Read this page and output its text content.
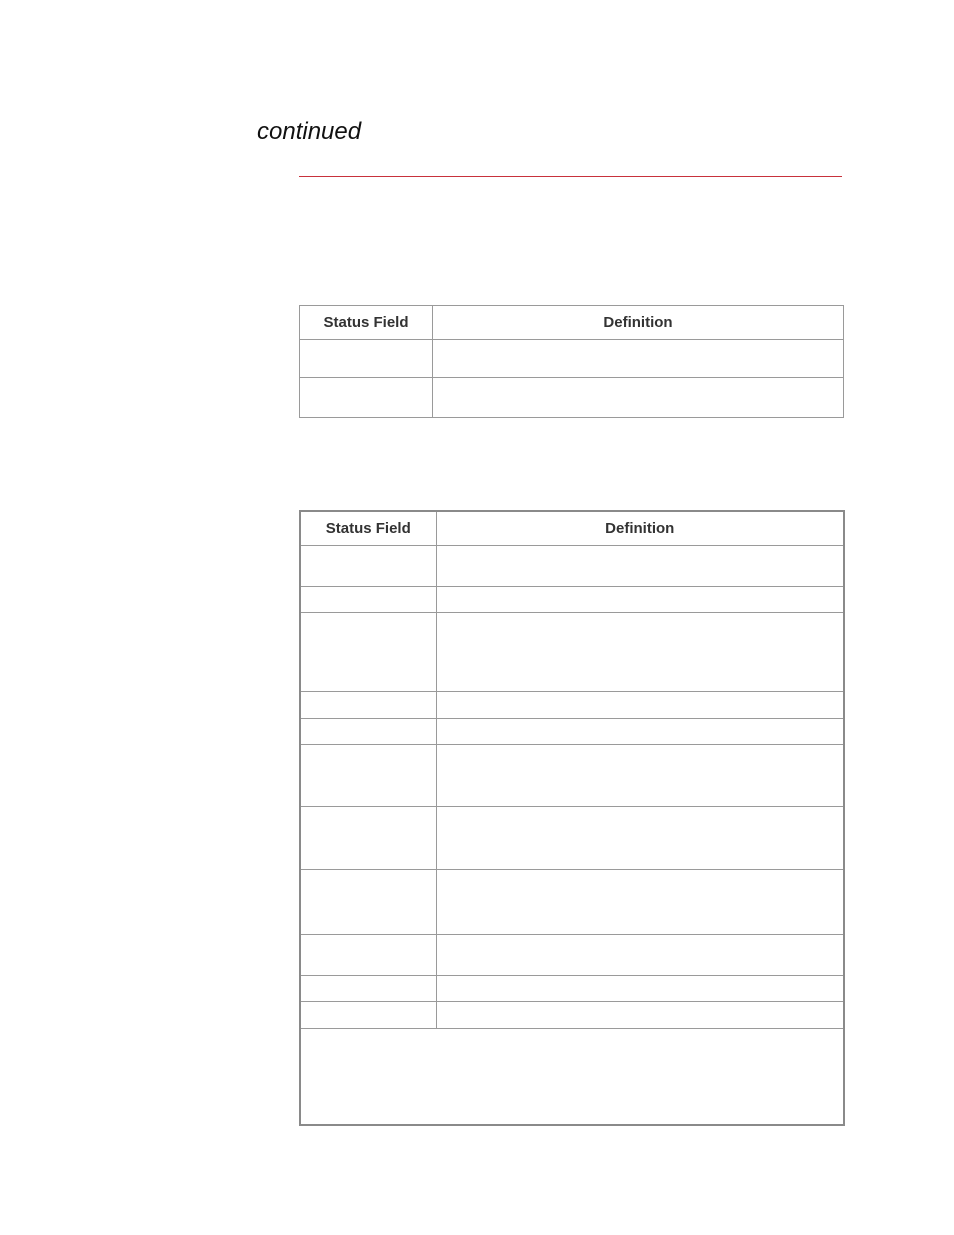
continued
Status Field	Definition

Status Field	Definition
